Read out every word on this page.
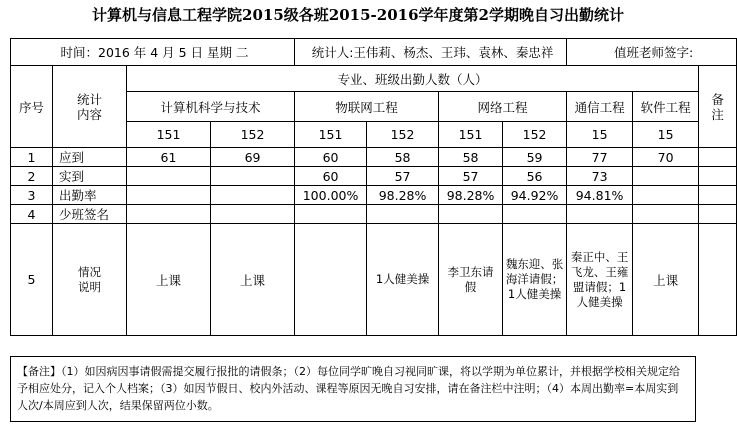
计算机与信息工程学院2015级各班2015-2016学年度第2学期晚自习出勤统计
时间：2016 年 4 月 5 日 星期 二				统计人:王伟莉、杨杰、王玮、袁林、秦忠祥				值班老师签字:		
序号	统计内容	专业、班级出勤人数（人）								备注

		计算机科学与技术		物联网工程		网络工程		通信工程	软件工程	
		151	152	151	152	151	152	15	15	
1	应到	61	69	60	58	58	59	77	70	
2	实到			60	57	57	56	73		
3	出勤率			100.00%	98.28%	98.28%	94.92%	94.81%		
4	少班签名									
5	情况说明	上课	上课		1人健美操	李卫东请假	魏东迎、张海洋请假；1人健美操	秦正中、王飞龙、王雍盟请假；1人健美操	上课	
【备注】（1）如因病因事请假需提交履行报批的请假条；（2）每位同学旷晚自习视同旷课，将以学期为单位累计，并根据学校相关规定给予相应处分，记入个人档案；（3）如因节假日、校内外活动、课程等原因无晚自习安排，请在备注栏中注明；（4）本周出勤率=本周实到人次/本周应到人次，结果保留两位小数。
